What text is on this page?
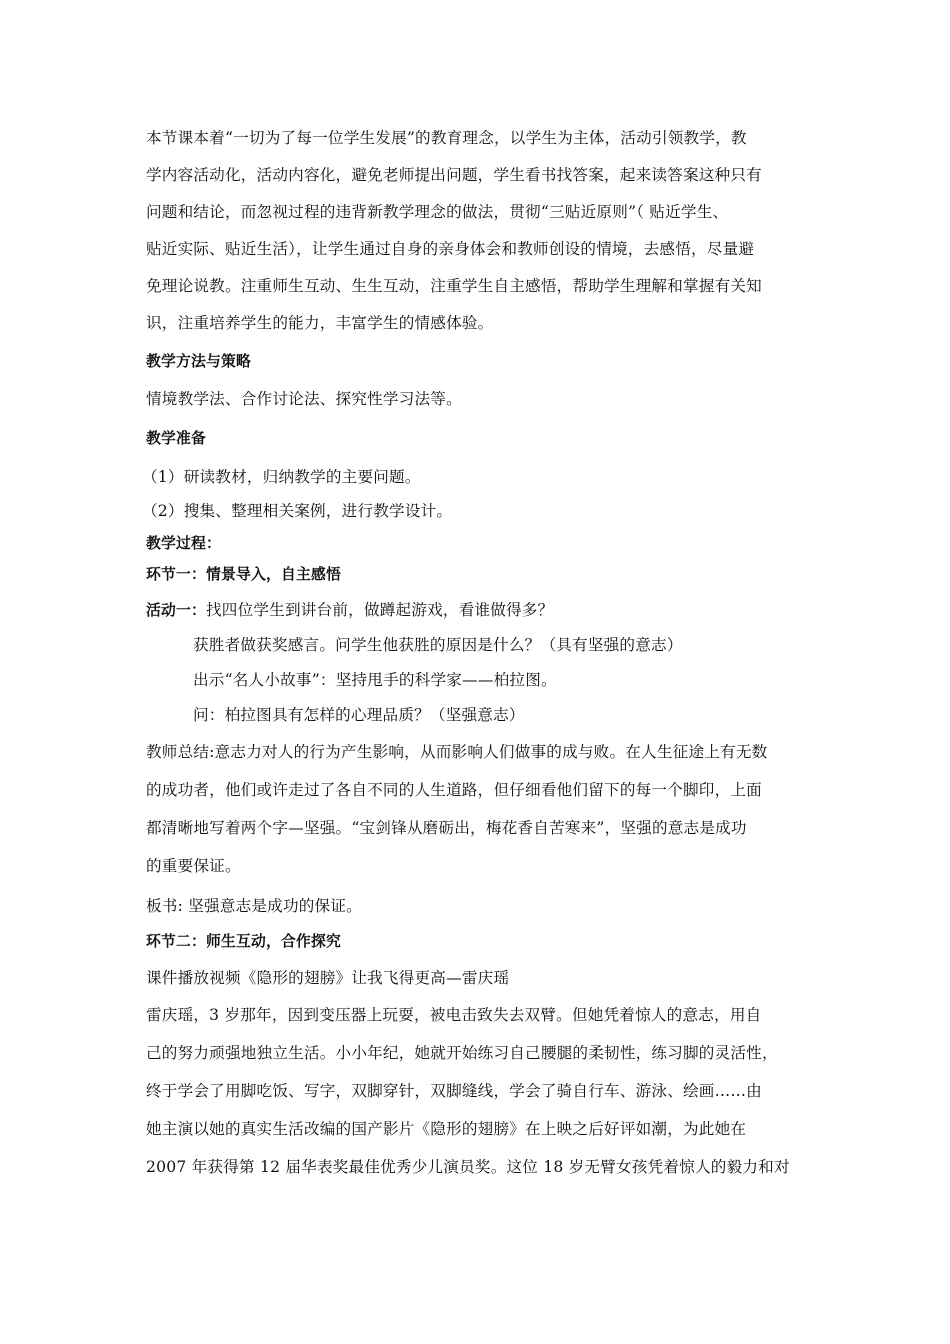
本节课本着“一切为了每一位学生发展”的教育理念，以学生为主体，活动引领教学，教
学内容活动化，活动内容化，避免老师提出问题，学生看书找答案，起来读答案这种只有
问题和结论，而忽视过程的违背新教学理念的做法，贯彻“三贴近原则”（ 贴近学生、
贴近实际、贴近生活），让学生通过自身的亲身体会和教师创设的情境，去感悟，尽量避
免理论说教。注重师生互动、生生互动，注重学生自主感悟，帮助学生理解和掌握有关知
识，注重培养学生的能力，丰富学生的情感体验。
教学方法与策略
情境教学法、合作讨论法、探究性学习法等。
教学准备
（1）研读教材，归纳教学的主要问题。
（2）搜集、整理相关案例，进行教学设计。
教学过程：
环节一：情景导入，自主感悟
活动一：找四位学生到讲台前，做蹲起游戏，看谁做得多？
获胜者做获奖感言。问学生他获胜的原因是什么？（具有坚强的意志）
出示“名人小故事”：坚持甩手的科学家——柏拉图。
问：柏拉图具有怎样的心理品质？（坚强意志）
教师总结:意志力对人的行为产生影响，从而影响人们做事的成与败。在人生征途上有无数
的成功者，他们或许走过了各自不同的人生道路，但仔细看他们留下的每一个脚印，上面
都清晰地写着两个字—坚强。“宝剑锋从磨砺出，梅花香自苦寒来”，坚强的意志是成功
的重要保证。
板书: 坚强意志是成功的保证。
环节二：师生互动，合作探究
课件播放视频《隐形的翅膀》让我飞得更高—雷庆瑶
雷庆瑶，3 岁那年，因到变压器上玩耍，被电击致失去双臂。但她凭着惊人的意志，用自
己的努力顽强地独立生活。小小年纪，她就开始练习自己腰腿的柔韧性，练习脚的灵活性，
终于学会了用脚吃饭、写字，双脚穿针，双脚缝线，学会了骑自行车、游泳、绘画……由
她主演以她的真实生活改编的国产影片《隐形的翅膀》在上映之后好评如潮，为此她在
2007 年获得第 12 届华表奖最佳优秀少儿演员奖。这位 18 岁无臂女孩凭着惊人的毅力和对
